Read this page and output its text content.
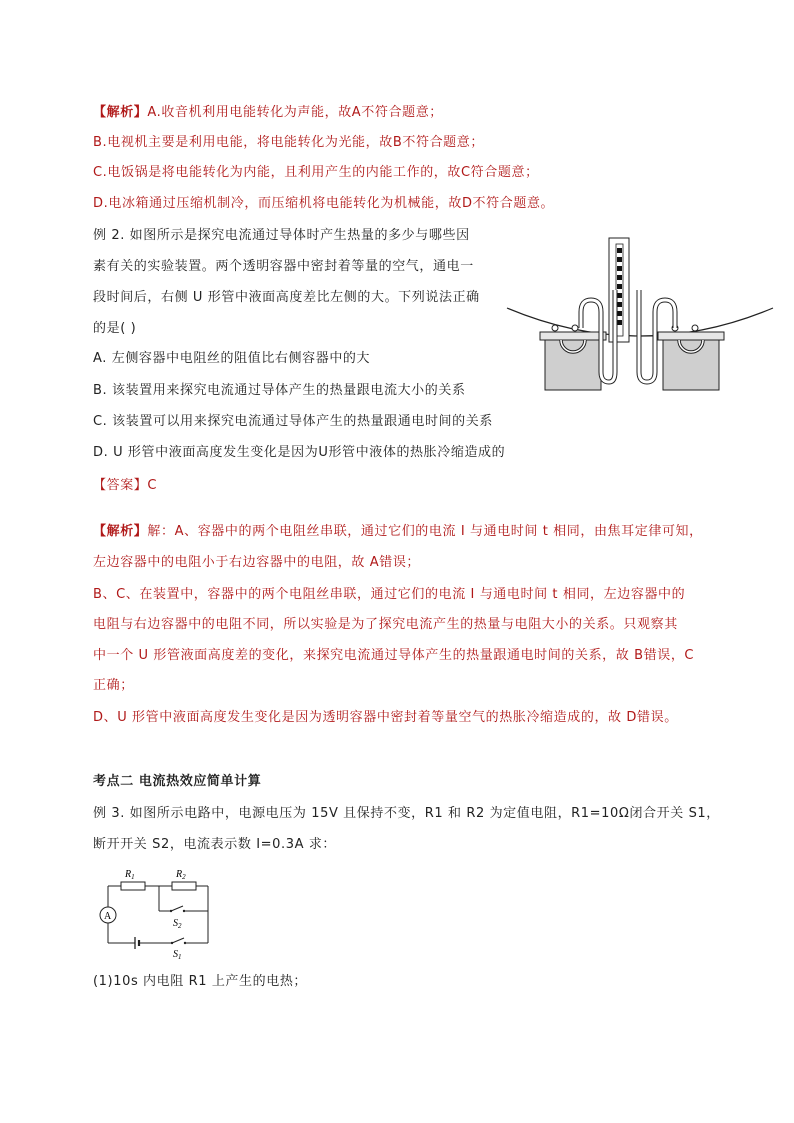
【解析】A.收音机利用电能转化为声能，故A不符合题意；
B.电视机主要是利用电能，将电能转化为光能，故B不符合题意；
C.电饭锅是将电能转化为内能，且利用产生的内能工作的，故C符合题意；
D.电冰箱通过压缩机制冷，而压缩机将电能转化为机械能，故D不符合题意。
例 2. 如图所示是探究电流通过导体时产生热量的多少与哪些因
素有关的实验装置。两个透明容器中密封着等量的空气，通电一
段时间后，右侧 U 形管中液面高度差比左侧的大。下列说法正确
的是( )
A. 左侧容器中电阻丝的阻值比右侧容器中的大
B. 该装置用来探究电流通过导体产生的热量跟电流大小的关系
C. 该装置可以用来探究电流通过导体产生的热量跟通电时间的关系
D. U 形管中液面高度发生变化是因为U形管中液体的热胀冷缩造成的
【答案】C
【解析】解：A、容器中的两个电阻丝串联，通过它们的电流 I 与通电时间 t 相同，由焦耳定律可知，
左边容器中的电阻小于右边容器中的电阻，故 A错误；
B、C、在装置中，容器中的两个电阻丝串联，通过它们的电流 I 与通电时间 t 相同，左边容器中的
电阻与右边容器中的电阻不同，所以实验是为了探究电流产生的热量与电阻大小的关系。只观察其
中一个 U 形管液面高度差的变化，来探究电流通过导体产生的热量跟通电时间的关系，故 B错误，C
正确；
D、U 形管中液面高度发生变化是因为透明容器中密封着等量空气的热胀冷缩造成的，故 D错误。
考点二 电流热效应简单计算
例 3. 如图所示电路中，电源电压为 15V 且保持不变，R1 和 R2 为定值电阻，R1=10Ω闭合开关 S1，
断开开关 S2，电流表示数 I=0.3A 求：
A
$R_1$	$R_2$
$S_2$
$S_1$
(1)10s 内电阻 R1 上产生的电热；
